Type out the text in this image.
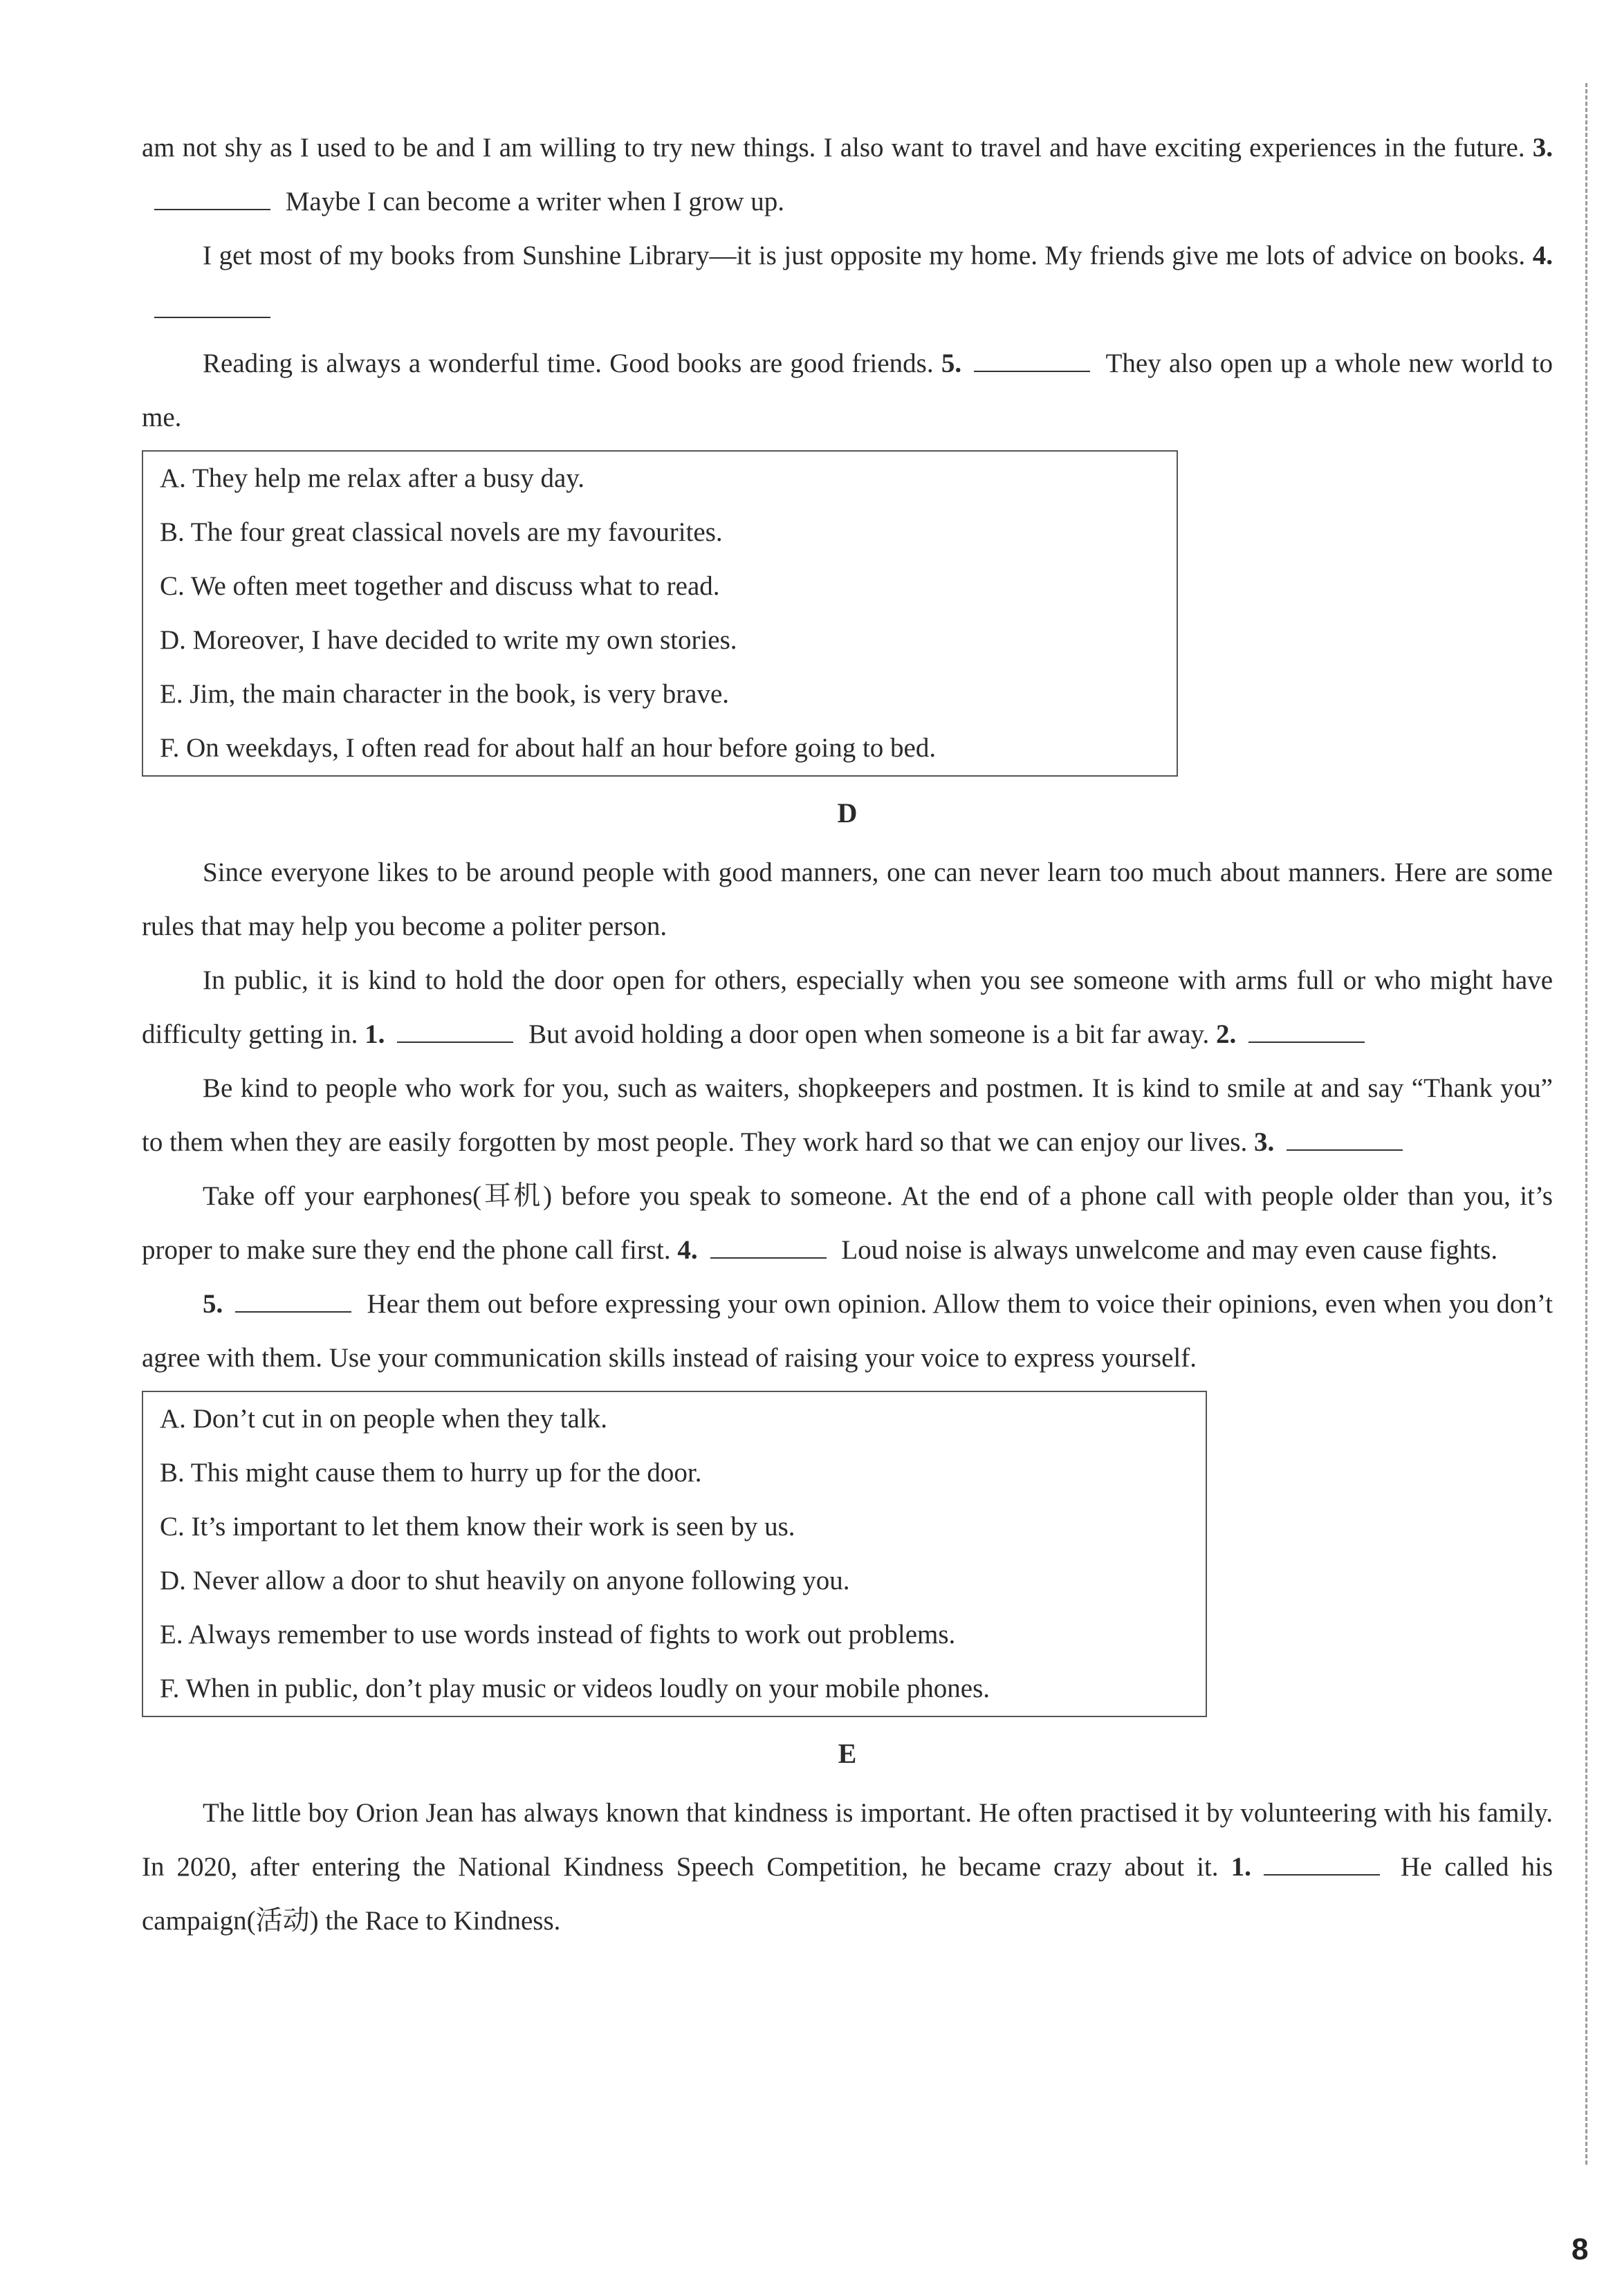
am not shy as I used to be and I am willing to try new things. I also want to travel and have exciting experiences in the future. 3. Maybe I can become a writer when I grow up.

I get most of my books from Sunshine Library—it is just opposite my home. My friends give me lots of advice on books. 4.

Reading is always a wonderful time. Good books are good friends. 5.	They also open up a whole new world to me.

A. They help me relax after a busy day.
B. The four great classical novels are my favourites.
C. We often meet together and discuss what to read.
D. Moreover, I have decided to write my own stories.
E. Jim, the main character in the book, is very brave.
F. On weekdays, I often read for about half an hour before going to bed.
D

Since everyone likes to be around people with good manners, one can never learn too much about manners. Here are some rules that may help you become a politer person.

In public, it is kind to hold the door open for others, especially when you see someone with arms full or who might have difficulty getting in. 1.	But avoid holding a door open when someone is a bit far away. 2.

Be kind to people who work for you, such as waiters, shopkeepers and postmen. It is kind to smile at and say “Thank you” to them when they are easily forgotten by most people. They work hard so that we can enjoy our lives. 3.

Take off your earphones(耳机) before you speak to someone. At the end of a phone call with people older than you, it’s proper to make sure they end the phone call first. 4.	Loud noise is always unwelcome and may even cause fights.

5.	Hear them out before expressing your own opinion. Allow them to voice their opinions, even when you don’t agree with them. Use your communication skills instead of raising your voice to express yourself.

A. Don’t cut in on people when they talk.
B. This might cause them to hurry up for the door.
C. It’s important to let them know their work is seen by us.
D. Never allow a door to shut heavily on anyone following you.
E. Always remember to use words instead of fights to work out problems.
F. When in public, don’t play music or videos loudly on your mobile phones.
E

The little boy Orion Jean has always known that kindness is important. He often practised it by volunteering with his family. In 2020, after entering the National Kindness Speech Competition, he became crazy about it. 1.	He called his campaign(活动) the Race to Kindness.

8
